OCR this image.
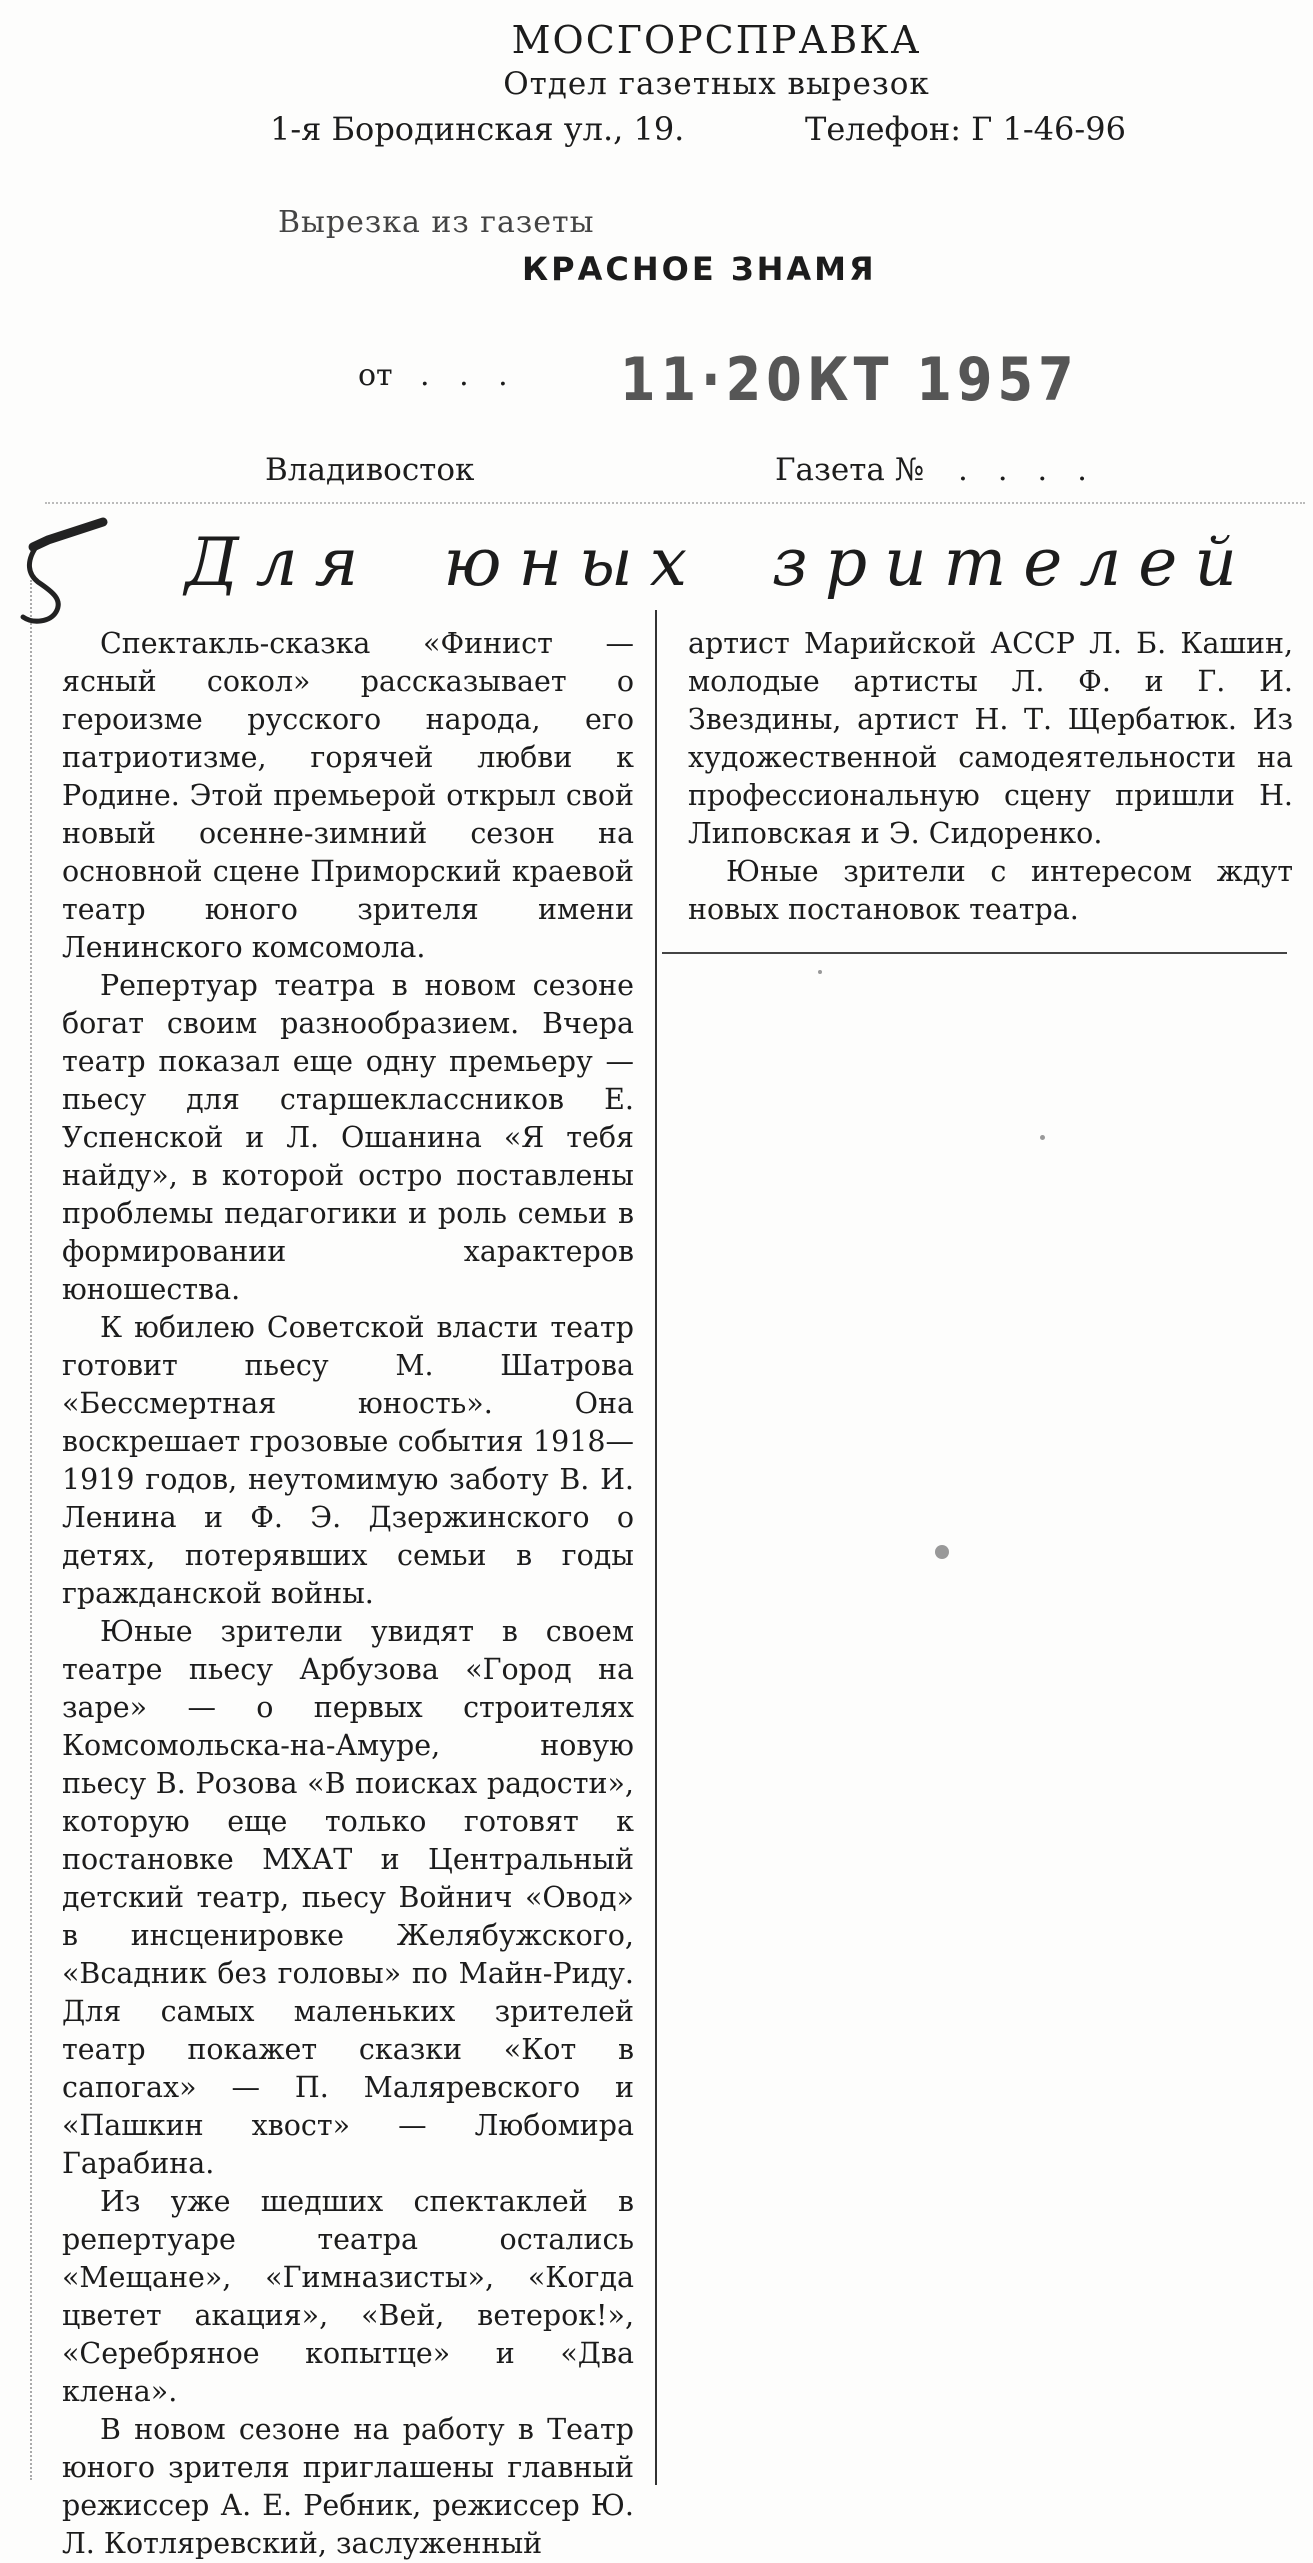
МОСГОРСПРАВКА
Отдел газетных вырезок
1-я Бородинская ул., 19.	Телефон: Г 1-46-96
Вырезка из газеты
КРАСНОЕ ЗНАМЯ
от . . . 11·20КТ 1957
Владивосток	Газета № . . . .
Для юных зрителей

Спектакль-сказка «Финист — ясный сокол» рассказывает о героизме русского народа, его патриотизме, горячей любви к Родине. Этой премьерой открыл свой новый осенне-зимний сезон на основной сцене Приморский краевой театр юного зрителя имени Ленинского комсомола.

Репертуар театра в новом сезоне богат своим разнообразием. Вчера театр показал еще одну премьеру — пьесу для старшеклассников Е. Успенской и Л. Ошанина «Я тебя найду», в которой остро поставлены проблемы педагогики и роль семьи в формировании характеров юношества.

К юбилею Советской власти театр готовит пьесу М. Шатрова «Бессмертная юность». Она воскрешает грозовые события 1918—1919 годов, неутомимую заботу В. И. Ленина и Ф. Э. Дзержинского о детях, потерявших семьи в годы гражданской войны.

Юные зрители увидят в своем театре пьесу Арбузова «Город на заре» — о первых строителях Комсомольска-на-Амуре, новую пьесу В. Розова «В поисках радости», которую еще только готовят к постановке МХАТ и Центральный детский театр, пьесу Войнич «Овод» в инсценировке Желябужского, «Всадник без головы» по Майн-Риду. Для самых маленьких зрителей театр покажет сказки «Кот в сапогах» — П. Маляревского и «Пашкин хвост» — Любомира Гарабина.

Из уже шедших спектаклей в репертуаре театра остались «Мещане», «Гимназисты», «Когда цветет акация», «Вей, ветерок!», «Серебряное копытце» и «Два клена».

В новом сезоне на работу в Театр юного зрителя приглашены главный режиссер А. Е. Ребник, режиссер Ю. Л. Котляревский, заслуженный

артист Марийской АССР Л. Б. Кашин, молодые артисты Л. Ф. и Г. И. Звездины, артист Н. Т. Щербатюк. Из художественной самодеятельности на профессиональную сцену пришли Н. Липовская и Э. Сидоренко.

Юные зрители с интересом ждут новых постановок театра.
